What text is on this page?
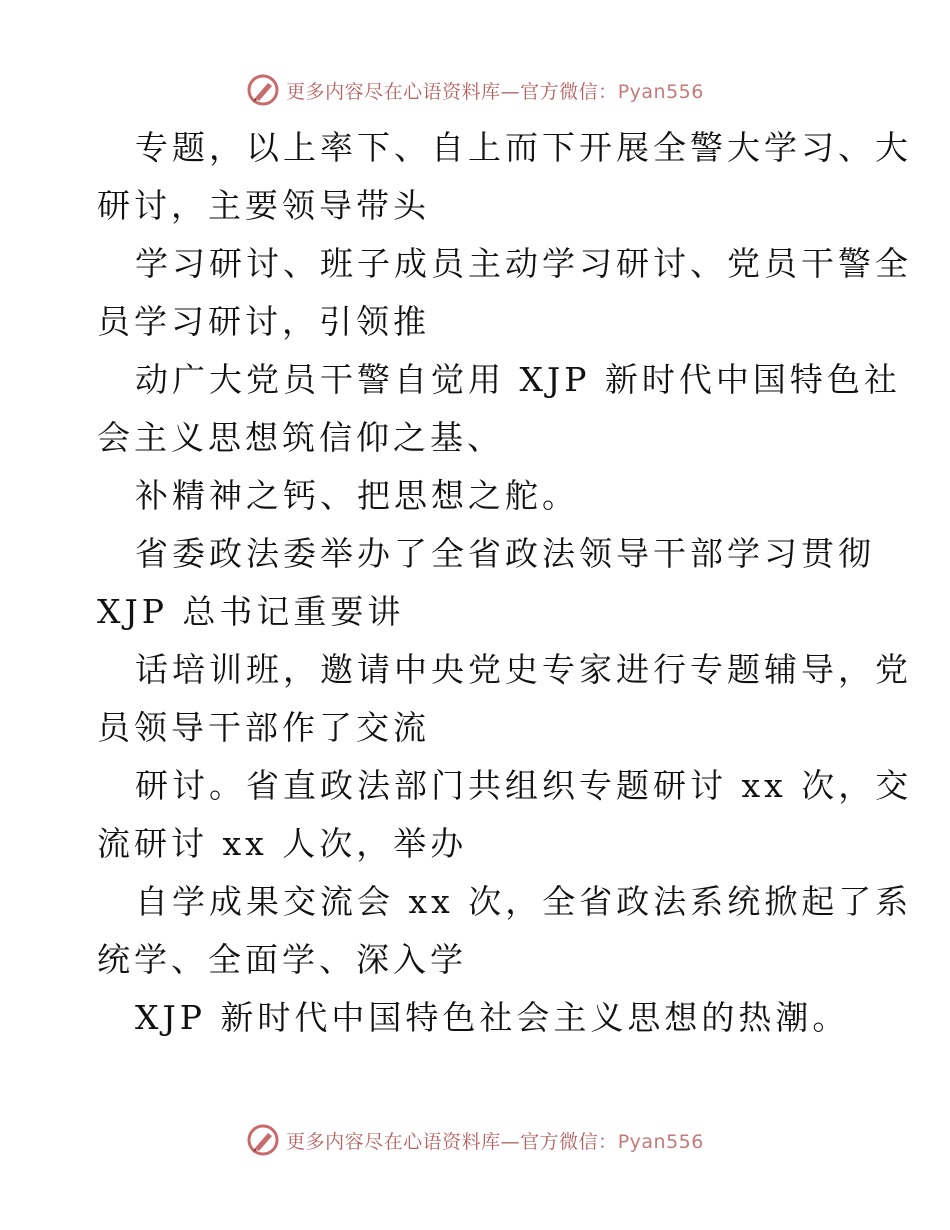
更多内容尽在心语资料库—官方微信：Pyan556
专题，以上率下、自上而下开展全警大学习、大
研讨，主要领导带头
学习研讨、班子成员主动学习研讨、党员干警全
员学习研讨，引领推
动广大党员干警自觉用 XJP 新时代中国特色社
会主义思想筑信仰之基、
补精神之钙、把思想之舵。
省委政法委举办了全省政法领导干部学习贯彻
XJP 总书记重要讲
话培训班，邀请中央党史专家进行专题辅导，党
员领导干部作了交流
研讨。省直政法部门共组织专题研讨 xx 次，交
流研讨 xx 人次，举办
自学成果交流会 xx 次，全省政法系统掀起了系
统学、全面学、深入学
XJP 新时代中国特色社会主义思想的热潮。
更多内容尽在心语资料库—官方微信：Pyan556
